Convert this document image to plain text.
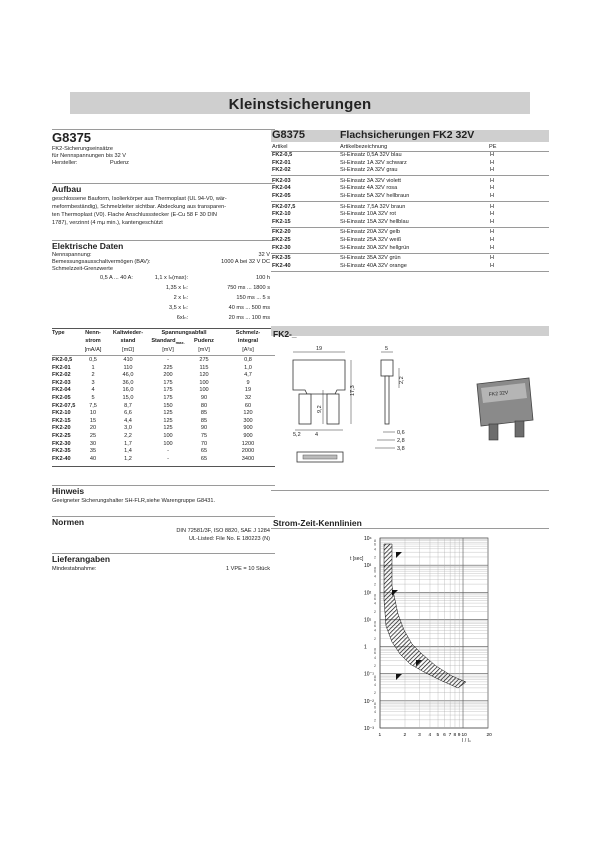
Kleinstsicherungen
G8375
FK2-Sicherungseinsätze
für Nennspannungen bis 32 V
Hersteller:	Pudenz
Aufbau
geschlossene Bauform, Isolierkörper aus Thermoplast (UL 94-V0, wär-
meformbeständig), Schmelzleiter sichtbar. Abdeckung aus transparen-
ten Thermoplast (V0). Flache Anschlussstecker (E-Cu 58 F 30 DIN
1787), verzinnt (4 mµ min.), kantengeschützt
Elektrische Daten
Nennspannung:	32 V
Bemessungsausschaltvermögen (BAV):	1000 A bei 32 V DC
Schmelzzeit-Grenzwerte
0,5 A ... 40 A:	1,1 x Iₙ(max):	100 h
1,35 x Iₙ:	750 ms ... 1800 s
2 x Iₙ:	150 ms ... 5 s
3,5 x Iₙ:	40 ms ... 500 ms
6xIₙ:	20 ms ... 100 ms
Type	Nenn-
strom
Kaltwieder-
stand
Spannungsabfall
Standard$_{max.}$	Pudenz
Schmelz-
integral
[mA/A]	[mΩ]	[mV]	[mV]	[A²s]
FK2-0,5	0,5	410	-	275	0,8
FK2-01	1	110	225	115	1,0
FK2-02	2	46,0	200	120	4,7
FK2-03	3	36,0	175	100	9
FK2-04	4	16,0	175	100	19
FK2-05	5	15,0	175	90	32
FK2-07,5	7,5	8,7	150	80	60
FK2-10	10	6,6	125	85	120
FK2-15	15	4,4	125	85	300
FK2-20	20	3,0	125	90	900
FK2-25	25	2,2	100	75	900
FK2-30	30	1,7	100	70	1200
FK2-35	35	1,4	-	65	2000
FK2-40	40	1,2	-	65	3400
Hinweis
Geeigneter Sicherungshalter SH-FLR,siehe Warengruppe G8431.
Normen
DIN 72581/3F, ISO 8820, SAE J 1284
UL-Listed: File No. E 180223 (N)
Lieferangaben
Mindestabnahme:	1 VPE = 10 Stück
G8375	Flachsicherungen FK2 32V
Artikel	Artikelbezeichnung	PE
FK2-0,5	Si-Einsatz 0,5A 32V blau	H
FK2-01	Si-Einsatz 1A 32V schwarz	H
FK2-02	Si-Einsatz 2A 32V grau	H
FK2-03	Si-Einsatz 3A 32V violett	H
FK2-04	Si-Einsatz 4A 32V rosa	H
FK2-05	Si-Einsatz 5A 32V hellbraun	H
FK2-07,5	Si-Einsatz 7,5A 32V braun	H
FK2-10	Si-Einsatz 10A 32V rot	H
FK2-15	Si-Einsatz 15A 32V hellblau	H
FK2-20	Si-Einsatz 20A 32V gelb	H
FK2-25	Si-Einsatz 25A 32V weiß	H
FK2-30	Si-Einsatz 30A 32V hellgrün	H
FK2-35	Si-Einsatz 35A 32V grün	H
FK2-40	Si-Einsatz 40A 32V orange	H
FK2-_
19
17,3
9,2
5,2	4
5
2,2
0,6
2,8
3,8
FK2 32V
Strom-Zeit-Kennlinien
10⁴ 8
6
4
2
10³ 8
6
4
2
10² 8
6
4
2
10¹ 8
6
4
2
1 8
6
4
2
10⁻¹ 8
6
4
2
10⁻² 8
6
4
2
10⁻³
1	2 3 4 5 6 7 8 9 10	20
t [sec]
I / Iₙ
